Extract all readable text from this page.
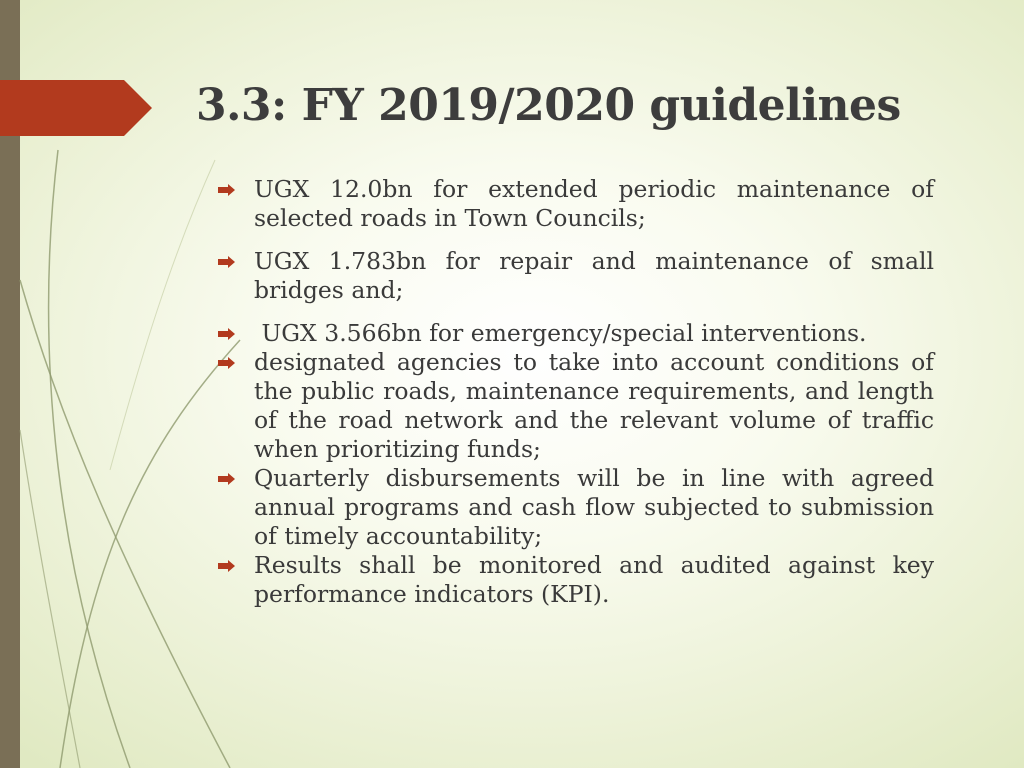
3.3: FY 2019/2020 guidelines
UGX 12.0bn for extended periodic maintenance of selected roads in Town Councils;
UGX 1.783bn for repair and maintenance of small bridges and;
UGX 3.566bn for emergency/special interventions.
designated agencies to take into account conditions of the public roads, maintenance requirements, and length of the road network and the relevant volume of traffic when prioritizing funds;
Quarterly disbursements will be in line with agreed annual programs and cash flow subjected to submission of timely accountability;
Results shall be monitored and audited against key performance indicators (KPI).
